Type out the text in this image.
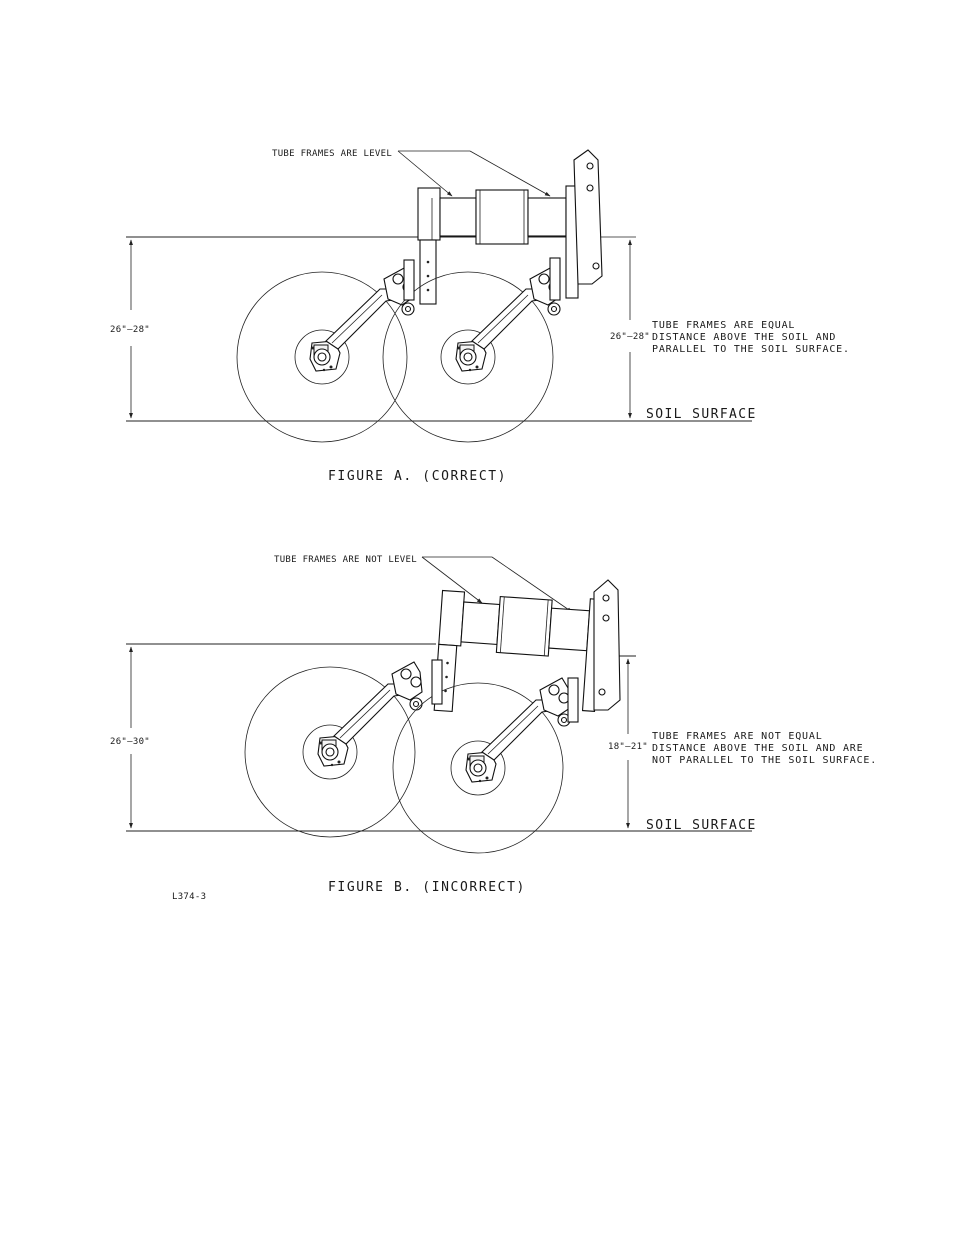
TUBE FRAMES ARE LEVEL
26"–28"
26"–28"
TUBE FRAMES ARE EQUAL
DISTANCE ABOVE THE SOIL AND
PARALLEL TO THE SOIL SURFACE.
SOIL SURFACE
FIGURE A. (CORRECT)
TUBE FRAMES ARE NOT LEVEL
26"–30"	18"–21"
TUBE FRAMES ARE NOT EQUAL
DISTANCE ABOVE THE SOIL AND ARE
NOT PARALLEL TO THE SOIL SURFACE.
SOIL SURFACE
FIGURE B. (INCORRECT)
L374-3
